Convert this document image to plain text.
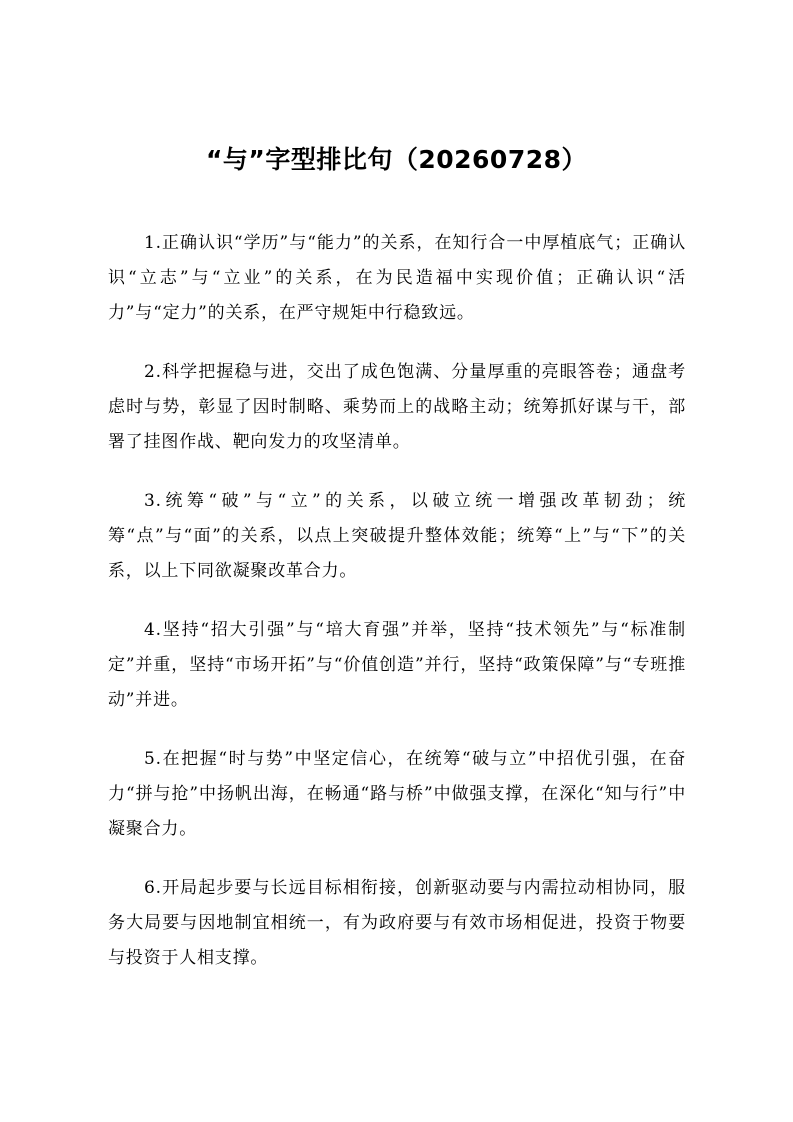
“与”字型排比句（20260728）

1.正确认识“学历”与“能力”的关系，在知行合一中厚植底气；正确认识“立志”与“立业”的关系，在为民造福中实现价值；正确认识“活力”与“定力”的关系，在严守规矩中行稳致远。

2.科学把握稳与进，交出了成色饱满、分量厚重的亮眼答卷；通盘考虑时与势，彰显了因时制略、乘势而上的战略主动；统筹抓好谋与干，部署了挂图作战、靶向发力的攻坚清单。

3.统筹“破”与“立”的关系，以破立统一增强改革韧劲；统筹“点”与“面”的关系，以点上突破提升整体效能；统筹“上”与“下”的关系，以上下同欲凝聚改革合力。

4.坚持“招大引强”与“培大育强”并举，坚持“技术领先”与“标准制定”并重，坚持“市场开拓”与“价值创造”并行，坚持“政策保障”与“专班推动”并进。

5.在把握“时与势”中坚定信心，在统筹“破与立”中招优引强，在奋力“拼与抢”中扬帆出海，在畅通“路与桥”中做强支撑，在深化“知与行”中凝聚合力。

6.开局起步要与长远目标相衔接，创新驱动要与内需拉动相协同，服务大局要与因地制宜相统一，有为政府要与有效市场相促进，投资于物要与投资于人相支撑。
